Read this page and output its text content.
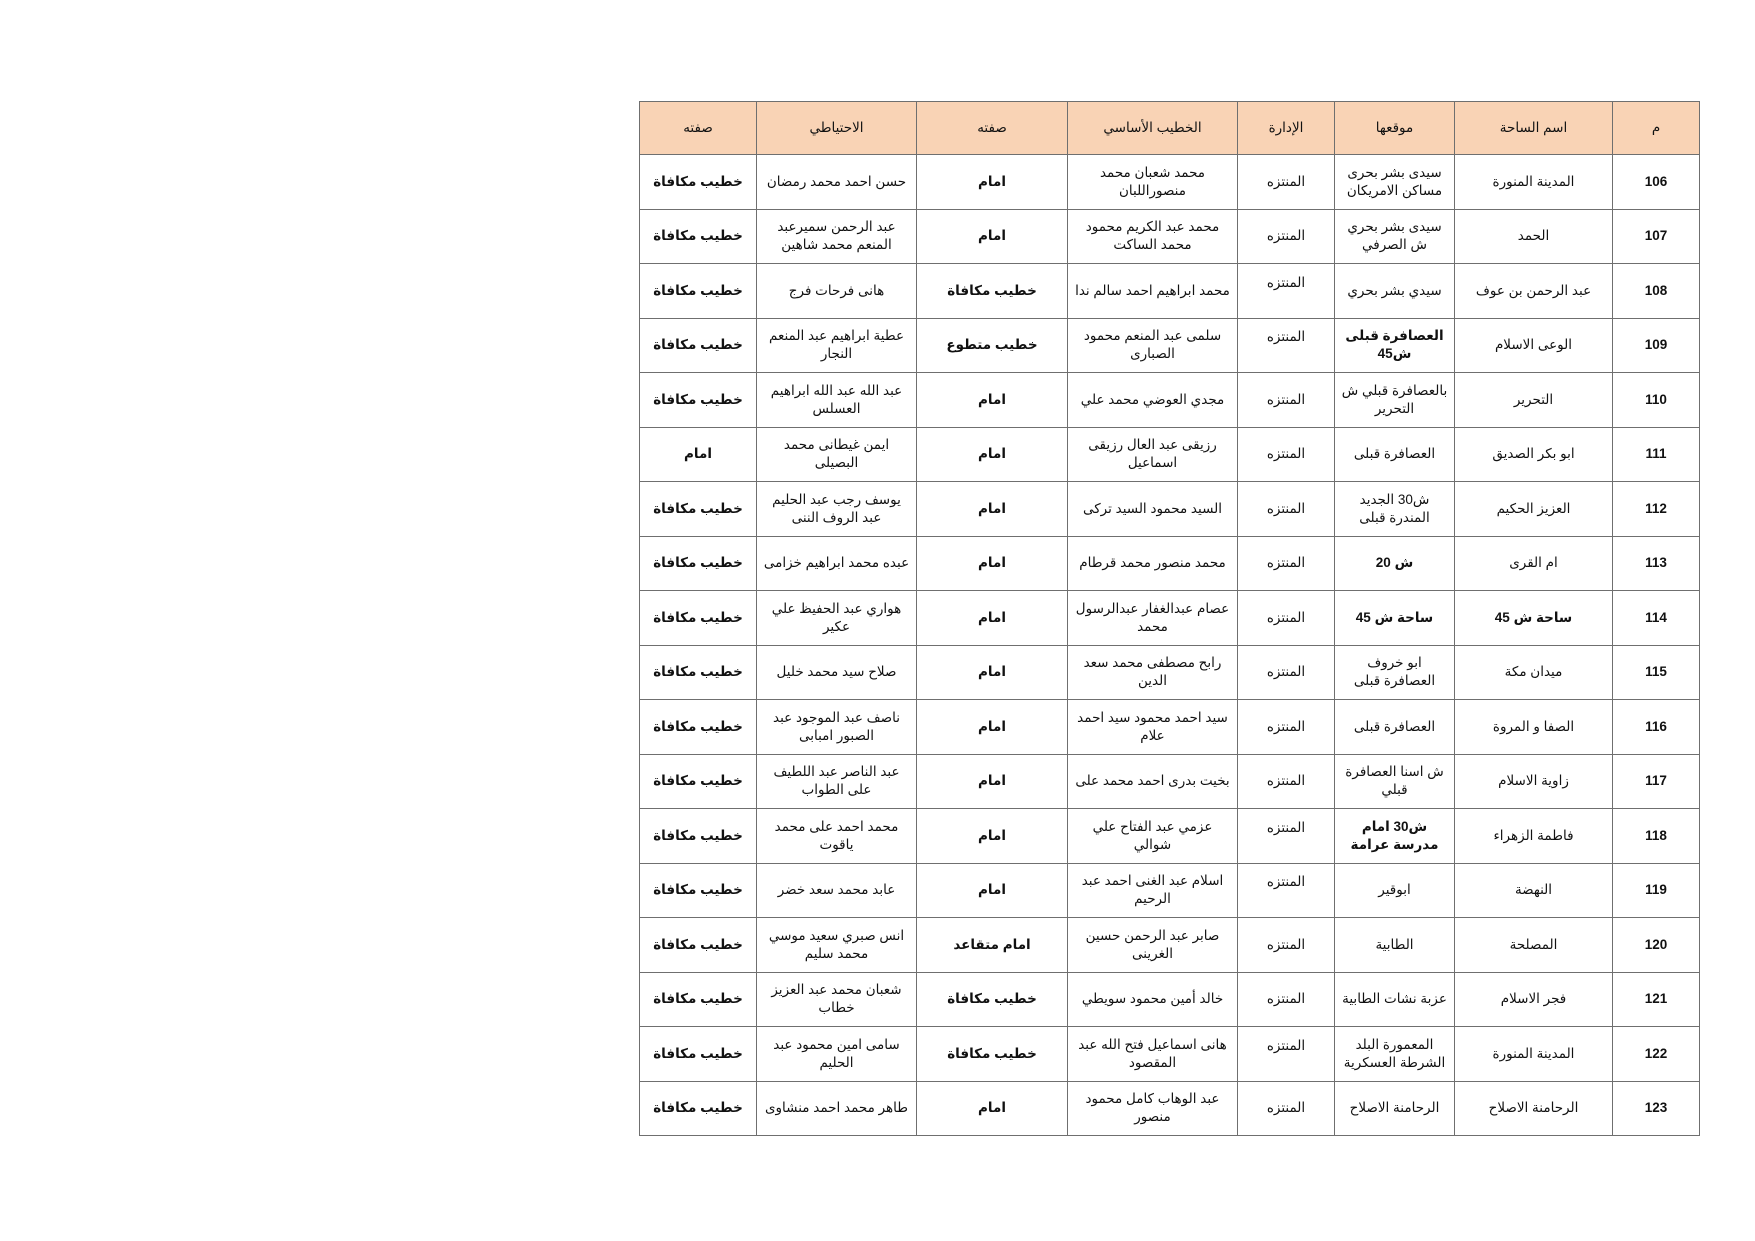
م	اسم الساحة	موقعها	الإدارة	الخطيب الأساسي	صفته	الاحتياطي	صفته
106	المدينة المنورة	سيدى بشر بحرى مساكن الامريكان	المنتزه	محمد شعبان محمد منصوراللبان	امام	حسن احمد محمد رمضان	خطيب مكافاة
107	الحمد	سيدى بشر بحري ش الصرفي	المنتزه	محمد عبد الكريم محمود محمد الساكت	امام	عبد الرحمن سميرعبد المنعم محمد شاهين	خطيب مكافاة
108	عبد الرحمن بن عوف	سيدي بشر بحري	المنتزه	محمد ابراهيم احمد سالم ندا	خطيب مكافاة	هانى فرحات فرج	خطيب مكافاة
109	الوعى الاسلام	العصافرة قبلى ش45	المنتزه	سلمى عبد المنعم محمود الصبارى	خطيب متطوع	عطية ابراهيم عبد المنعم النجار	خطيب مكافاة
110	التحرير	بالعصافرة قبلي ش التحرير	المنتزه	مجدي العوضي محمد علي	امام	عبد الله عبد الله ابراهيم العسلس	خطيب مكافاة
111	ابو بكر الصديق	العصافرة قبلى	المنتزه	رزيقى عبد العال رزيقى اسماعيل	امام	ايمن غيطانى محمد البصيلى	امام
112	العزيز الحكيم	ش30 الجديد المندرة قبلى	المنتزه	السيد محمود السيد تركى	امام	يوسف رجب عبد الحليم عبد الروف الننى	خطيب مكافاة
113	ام القرى	ش 20	المنتزه	محمد منصور محمد قرطام	امام	عبده محمد ابراهيم خزامى	خطيب مكافاة
114	ساحة ش 45	ساحة ش 45	المنتزه	عصام عبدالغفار عبدالرسول محمد	امام	هواري عبد الحفيظ علي عكير	خطيب مكافاة
115	ميدان مكة	ابو خروف العصافرة قبلى	المنتزه	رابح مصطفى محمد سعد الدين	امام	صلاح سيد محمد خليل	خطيب مكافاة
116	الصفا و المروة	العصافرة قبلى	المنتزه	سيد احمد محمود سيد احمد علام	امام	ناصف عبد الموجود عبد الصبور امبابى	خطيب مكافاة
117	زاوية الاسلام	ش اسنا العصافرة قبلي	المنتزه	بخيت بدرى احمد محمد على	امام	عبد الناصر عبد اللطيف على الطواب	خطيب مكافاة
118	فاطمة الزهراء	ش30 امام مدرسة عرامة	المنتزه	عزمي عبد الفتاح علي شوالي	امام	محمد احمد على محمد ياقوت	خطيب مكافاة
119	النهضة	ابوقير	المنتزه	اسلام عبد الغنى احمد عبد الرحيم	امام	عابد محمد سعد خضر	خطيب مكافاة
120	المصلحة	الطابية	المنتزه	صابر عبد الرحمن حسين الغرينى	امام متقاعد	انس صبري سعيد موسي محمد سليم	خطيب مكافاة
121	فجر الاسلام	عزبة نشات الطابية	المنتزه	خالد أمين محمود سويطي	خطيب مكافاة	شعبان محمد عبد العزيز خطاب	خطيب مكافاة
122	المدينة المنورة	المعمورة البلد الشرطة العسكرية	المنتزه	هانى اسماعيل فتح الله عبد المقصود	خطيب مكافاة	سامى امين محمود عبد الحليم	خطيب مكافاة
123	الرحامنة الاصلاح	الرحامنة الاصلاح	المنتزه	عبد الوهاب كامل محمود منصور	امام	طاهر محمد احمد منشاوى	خطيب مكافاة
